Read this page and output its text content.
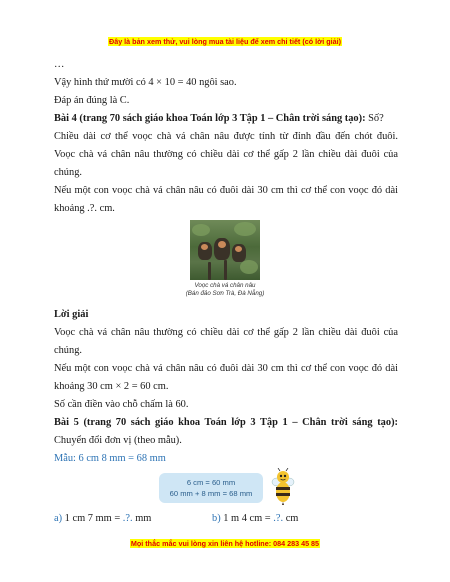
Đây là bản xem thử, vui lòng mua tài liệu để xem chi tiết (có lời giải)
…
Vậy hình thứ mười có 4 × 10 = 40 ngôi sao.
Đáp án đúng là C.
Bài 4 (trang 70 sách giáo khoa Toán lớp 3 Tập 1 – Chân trời sáng tạo): Số?
Chiều dài cơ thể voọc chà vá chân nâu được tính từ đỉnh đầu đến chót đuôi.
Voọc chà vá chân nâu thường có chiều dài cơ thể gấp 2 lần chiều dài đuôi của
chúng.
Nếu một con voọc chà vá chân nâu có đuôi dài 30 cm thì cơ thể con voọc đó dài
khoảng .?. cm.
Voọc chà vá chân nâu
(Bán đảo Sơn Trà, Đà Nẵng)
Lời giải
Voọc chà vá chân nâu thường có chiều dài cơ thể gấp 2 lần chiều dài đuôi của
chúng.
Nếu một con voọc chà vá chân nâu có đuôi dài 30 cm thì cơ thể con voọc đó dài
khoảng 30 cm × 2 = 60 cm.
Số cần điền vào chỗ chấm là 60.
Bài 5 (trang 70 sách giáo khoa Toán lớp 3 Tập 1 – Chân trời sáng tạo):
Chuyển đổi đơn vị (theo mẫu).
Mẫu: 6 cm 8 mm = 68 mm
6 cm = 60 mm
60 mm + 8 mm = 68 mm
a) 1 cm 7 mm = .?. mm	b) 1 m 4 cm = .?. cm
Mọi thắc mắc vui lòng xin liên hệ hotline: 084 283 45 85
